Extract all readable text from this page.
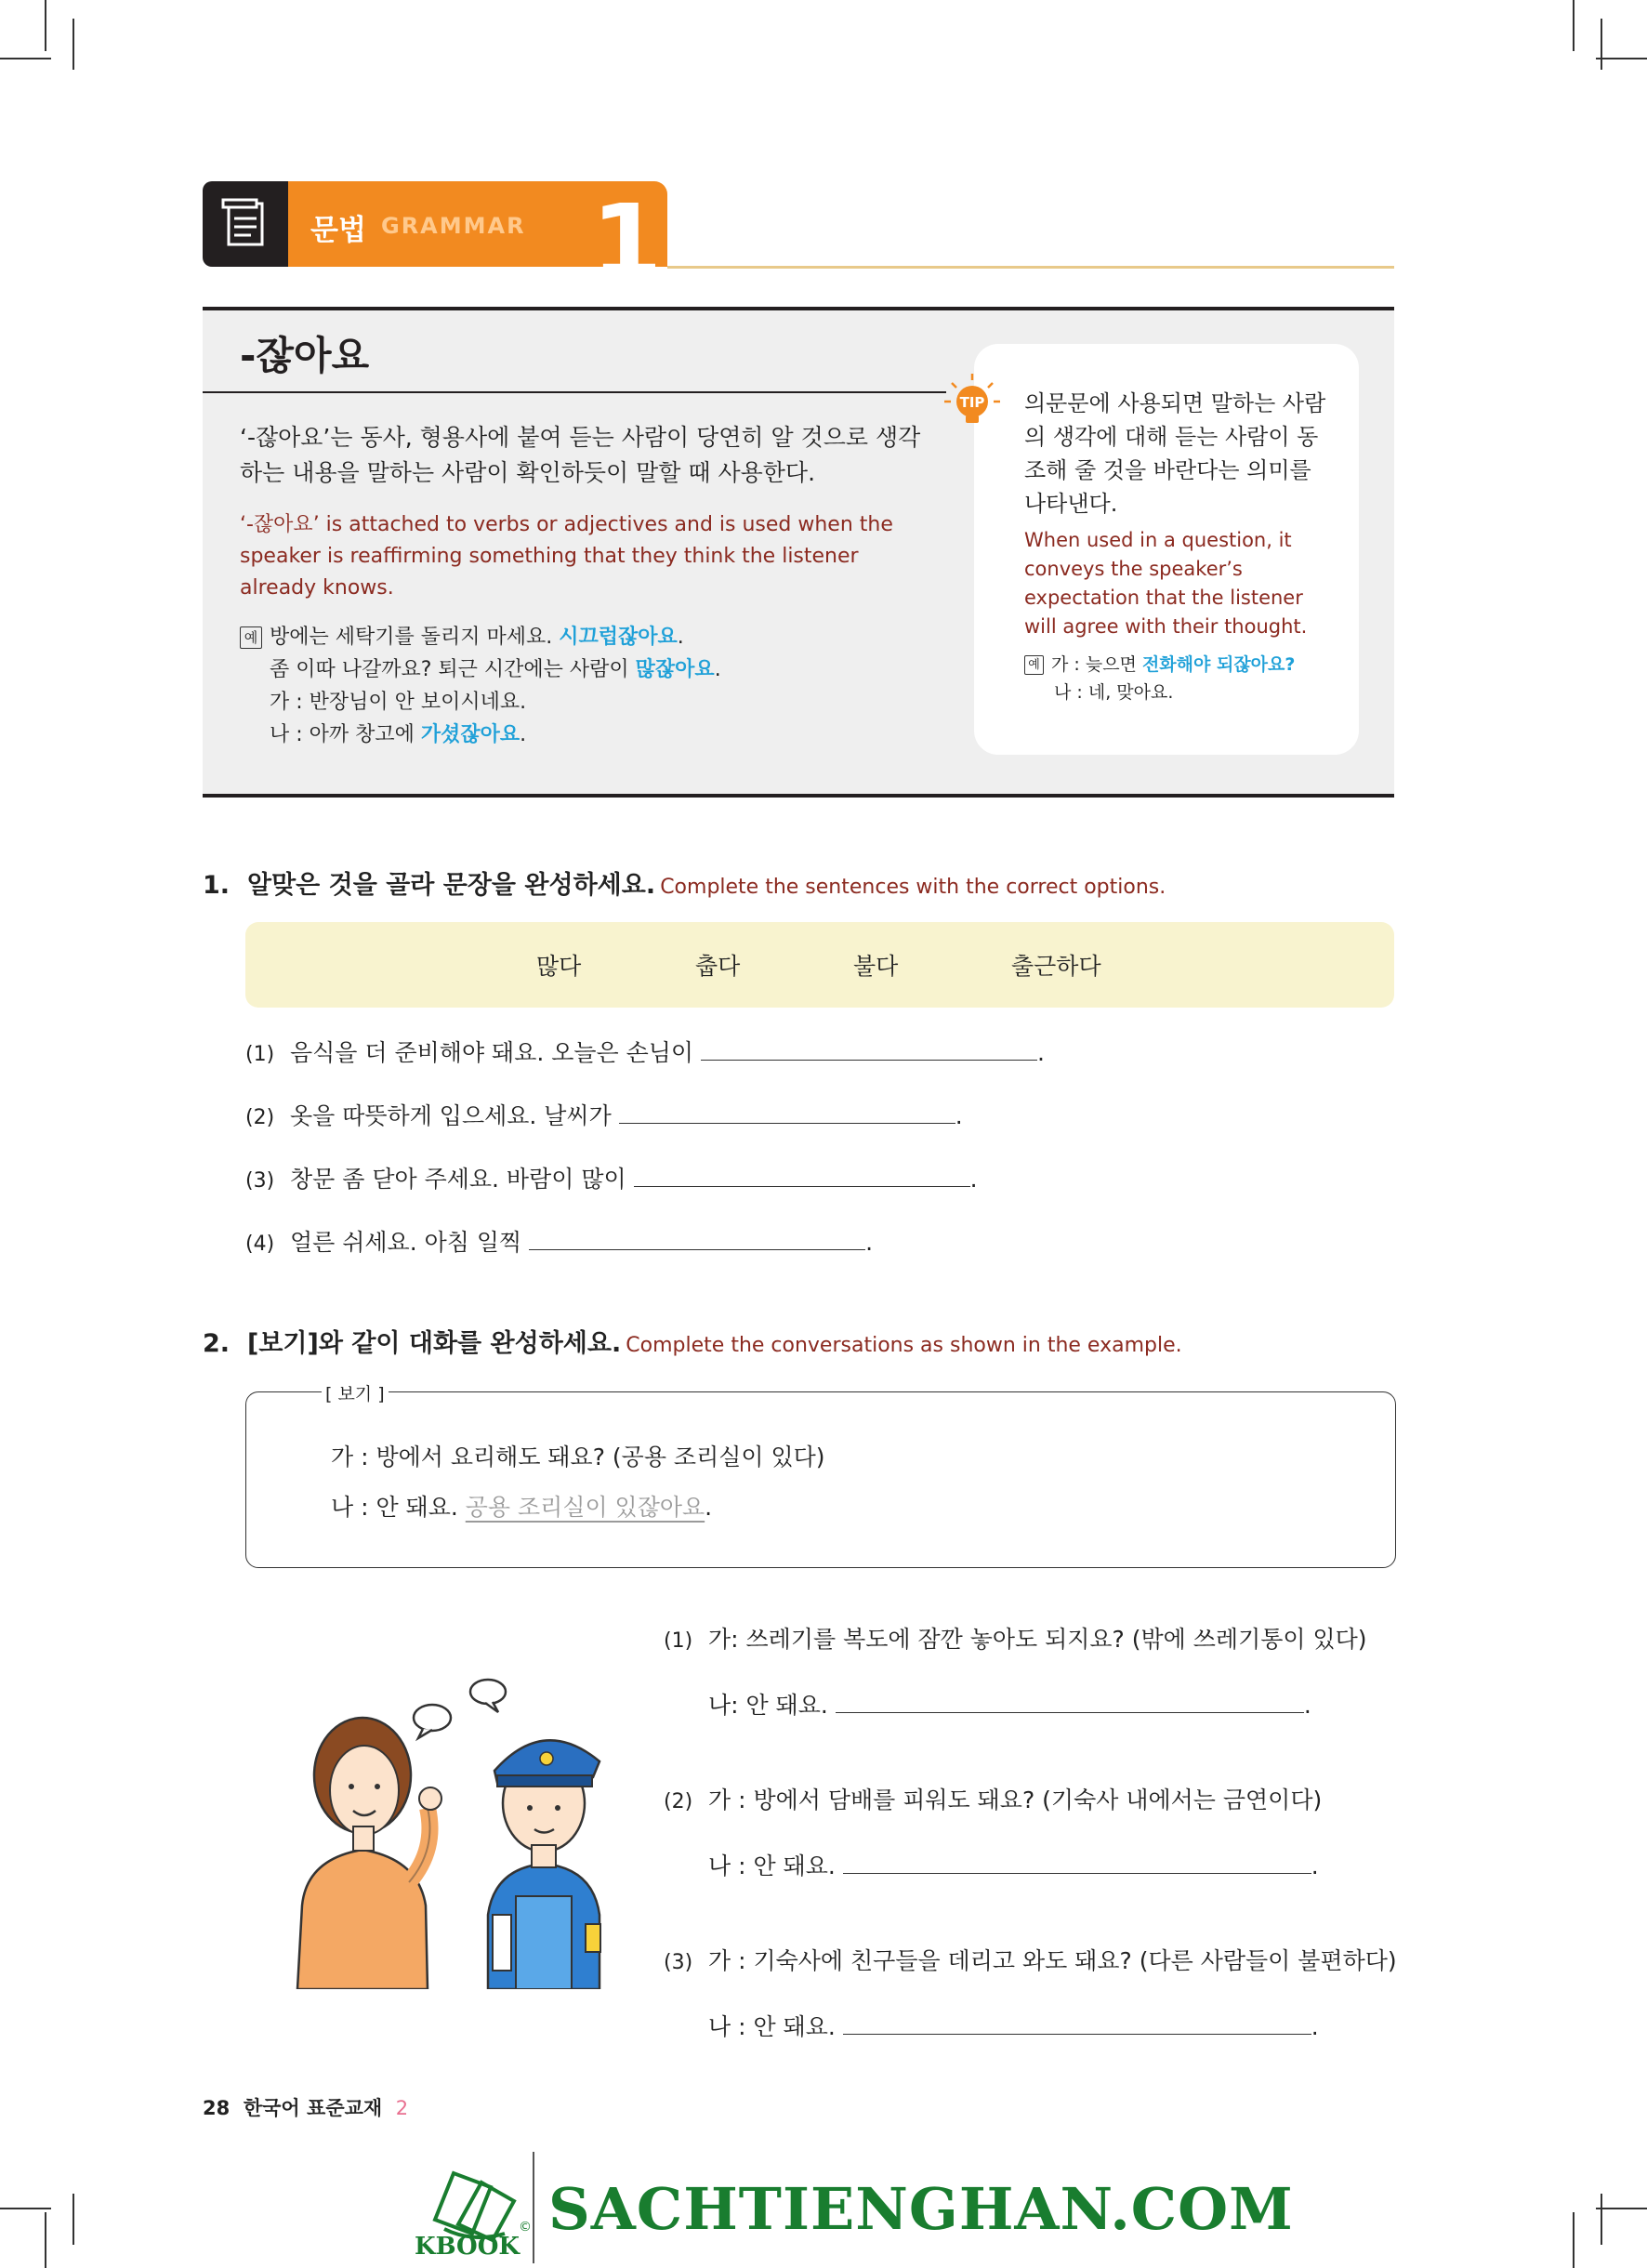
문법 GRAMMAR 1
-잖아요
‘-잖아요’는 동사, 형용사에 붙여 듣는 사람이 당연히 알 것으로 생각하는 내용을 말하는 사람이 확인하듯이 말할 때 사용한다.
‘-잖아요’ is attached to verbs or adjectives and is used when the speaker is reaffirming something that they think the listener already knows.
예 방에는 세탁기를 돌리지 마세요. 시끄럽잖아요.
좀 이따 나갈까요? 퇴근 시간에는 사람이 많잖아요.
가 : 반장님이 안 보이시네요.
나 : 아까 창고에 가셨잖아요.
TIP 의문문에 사용되면 말하는 사람의 생각에 대해 듣는 사람이 동조해 줄 것을 바란다는 의미를 나타낸다.
When used in a question, it conveys the speaker’s expectation that the listener will agree with their thought.
예 가 : 늦으면 전화해야 되잖아요?
나 : 네, 맞아요.
1. 알맞은 것을 골라 문장을 완성하세요. Complete the sentences with the correct options.
많다	춥다	불다	출근하다
(1) 음식을 더 준비해야 돼요. 오늘은 손님이	.
(2) 옷을 따뜻하게 입으세요. 날씨가	.
(3) 창문 좀 닫아 주세요. 바람이 많이	.
(4) 얼른 쉬세요. 아침 일찍	.
2. [보기]와 같이 대화를 완성하세요. Complete the conversations as shown in the example.
[ 보기 ]
가 : 방에서 요리해도 돼요? (공용 조리실이 있다)
나 : 안 돼요. 공용 조리실이 있잖아요.
(1) 가: 쓰레기를 복도에 잠깐 놓아도 되지요? (밖에 쓰레기통이 있다)
나: 안 돼요.	.
(2) 가 : 방에서 담배를 피워도 돼요? (기숙사 내에서는 금연이다)
나 : 안 돼요.	.
(3) 가 : 기숙사에 친구들을 데리고 와도 돼요? (다른 사람들이 불편하다)
나 : 안 돼요.	.
28 한국어 표준교재 2
©
KBOOK
SACHTIENGHAN.COM
